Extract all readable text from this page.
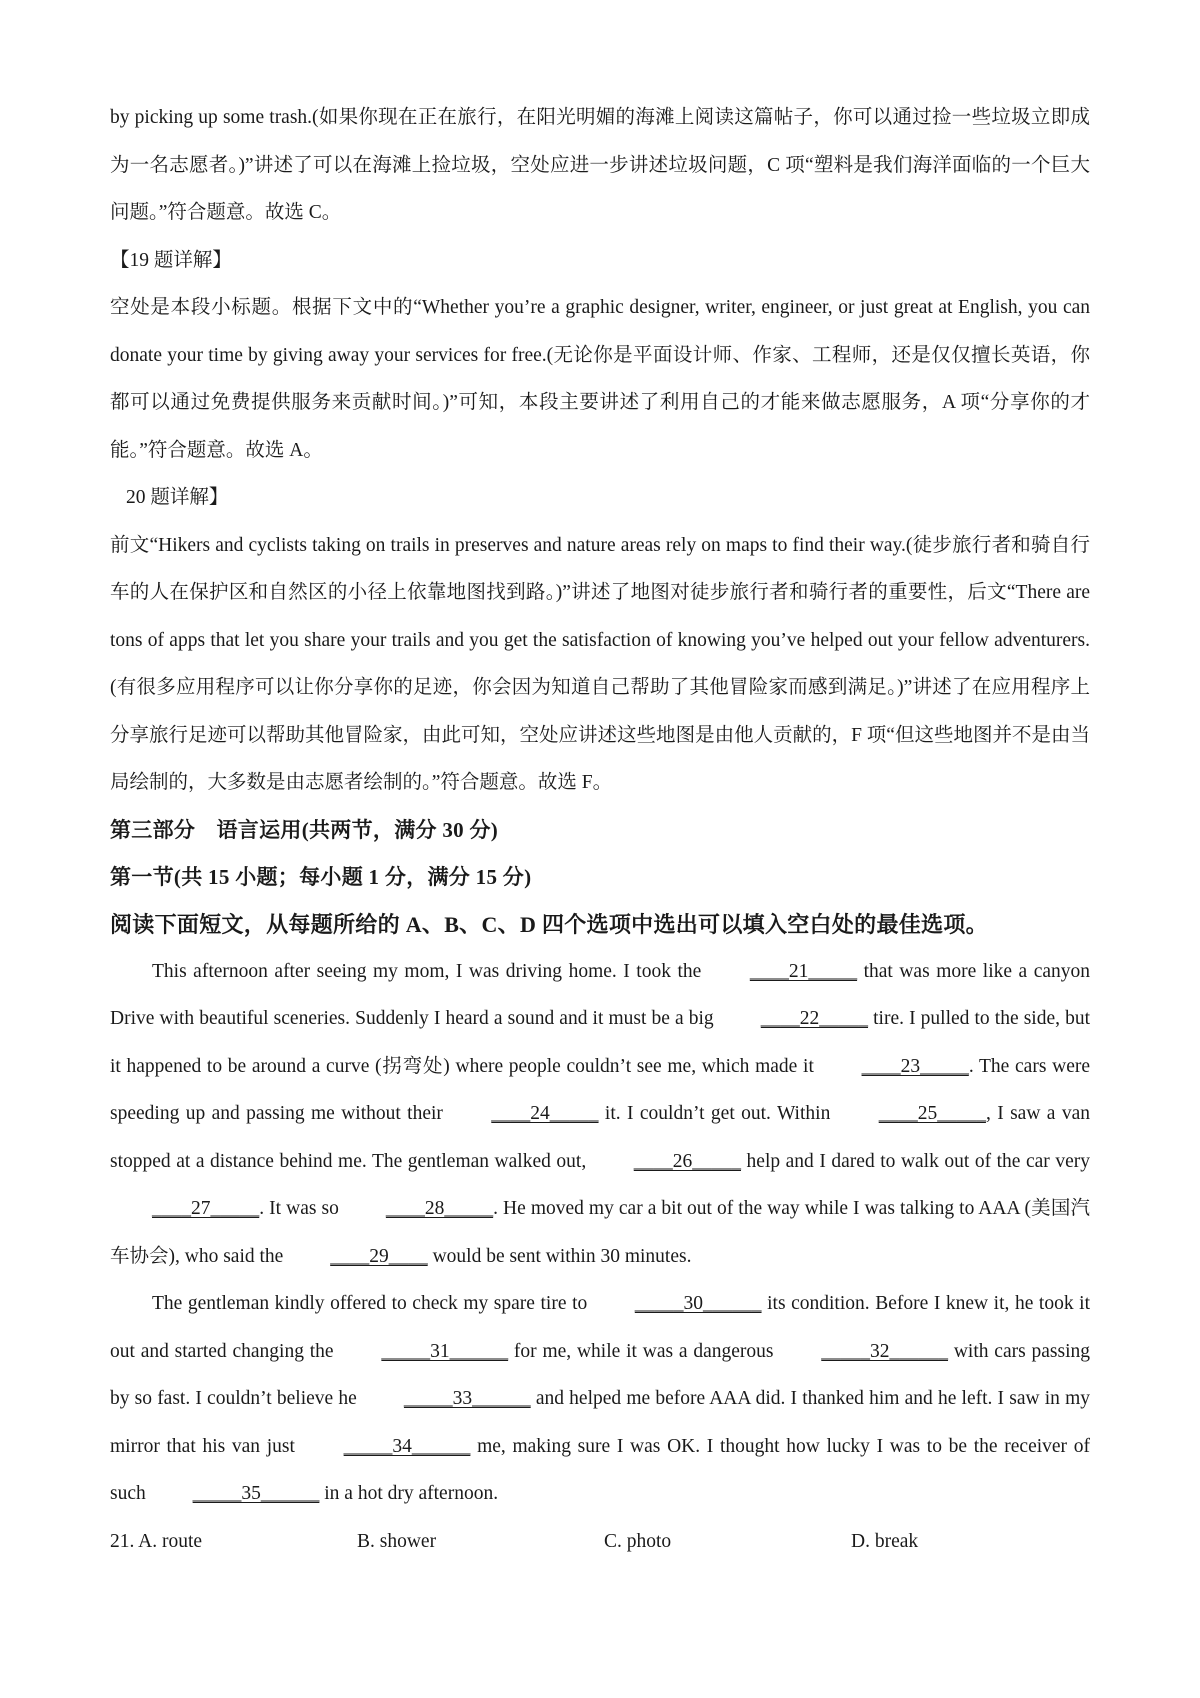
by picking up some trash.(如果你现在正在旅行，在阳光明媚的海滩上阅读这篇帖子，你可以通过捡一些垃圾立即成为一名志愿者。)”讲述了可以在海滩上捡垃圾，空处应进一步讲述垃圾问题，C 项“塑料是我们海洋面临的一个巨大问题。”符合题意。故选 C。

【19 题详解】

空处是本段小标题。根据下文中的“Whether you’re a graphic designer, writer, engineer, or just great at English, you can donate your time by giving away your services for free.(无论你是平面设计师、作家、工程师，还是仅仅擅长英语，你都可以通过免费提供服务来贡献时间。)”可知，本段主要讲述了利用自己的才能来做志愿服务，A 项“分享你的才能。”符合题意。故选 A。

20 题详解】

前文“Hikers and cyclists taking on trails in preserves and nature areas rely on maps to find their way.(徒步旅行者和骑自行车的人在保护区和自然区的小径上依靠地图找到路。)”讲述了地图对徒步旅行者和骑行者的重要性，后文“There are tons of apps that let you share your trails and you get the satisfaction of knowing you’ve helped out your fellow adventurers.(有很多应用程序可以让你分享你的足迹，你会因为知道自己帮助了其他冒险家而感到满足。)”讲述了在应用程序上分享旅行足迹可以帮助其他冒险家，由此可知，空处应讲述这些地图是由他人贡献的，F 项“但这些地图并不是由当局绘制的，大多数是由志愿者绘制的。”符合题意。故选 F。

第三部分　语言运用(共两节，满分 30 分)

第一节(共 15 小题；每小题 1 分，满分 15 分)

阅读下面短文，从每题所给的 A、B、C、D 四个选项中选出可以填入空白处的最佳选项。

This afternoon after seeing my mom, I was driving home. I took the ____21_____ that was more like a canyon Drive with beautiful sceneries. Suddenly I heard a sound and it must be a big ____22_____ tire. I pulled to the side, but it happened to be around a curve (拐弯处) where people couldn’t see me, which made it ____23_____. The cars were speeding up and passing me without their ____24_____ it. I couldn’t get out. Within ____25_____, I saw a van stopped at a distance behind me. The gentleman walked out, ____26_____ help and I dared to walk out of the car very ____27_____. It was so ____28_____. He moved my car a bit out of the way while I was talking to AAA (美国汽车协会), who said the ____29____ would be sent within 30 minutes.

The gentleman kindly offered to check my spare tire to _____30______ its condition. Before I knew it, he took it out and started changing the _____31______ for me, while it was a dangerous _____32______ with cars passing by so fast. I couldn’t believe he _____33______ and helped me before AAA did. I thanked him and he left. I saw in my mirror that his van just _____34______ me, making sure I was OK. I thought how lucky I was to be the receiver of such _____35______ in a hot dry afternoon.

21. A. route	B. shower	C. photo	D. break
